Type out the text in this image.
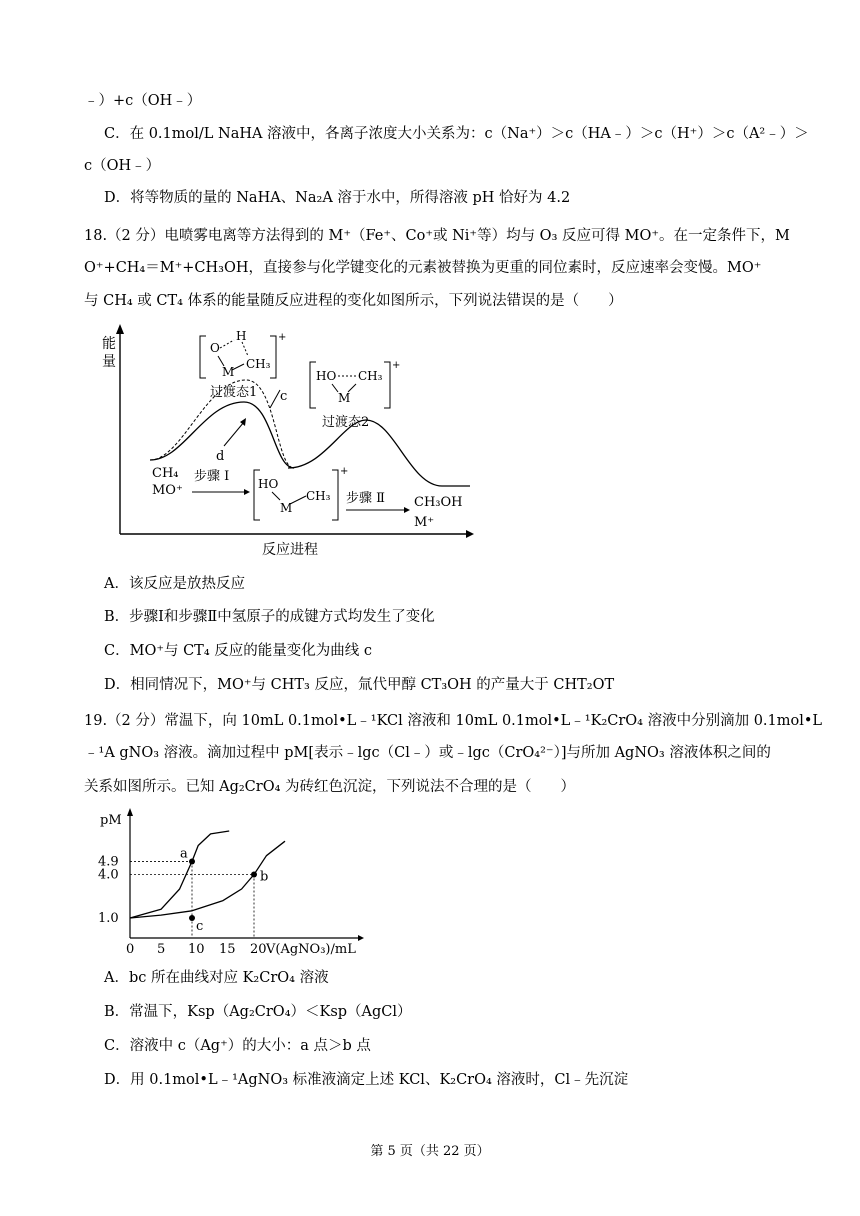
﹣）+c（OH﹣）
C．在 0.1mol/L NaHA 溶液中，各离子浓度大小关系为：c（Na⁺）＞c（HA﹣）＞c（H⁺）＞c（A²﹣）＞
c（OH﹣）
D．将等物质的量的 NaHA、Na₂A 溶于水中，所得溶液 pH 恰好为 4.2
18.（2 分）电喷雾电离等方法得到的 M⁺（Fe⁺、Co⁺或 Ni⁺等）均与 O₃ 反应可得 MO⁺。在一定条件下，M
O⁺+CH₄＝M⁺+CH₃OH，直接参与化学键变化的元素被替换为更重的同位素时，反应速率会变慢。MO⁺
与 CH₄ 或 CT₄ 体系的能量随反应进程的变化如图所示，下列说法错误的是（　　）
能
量
反应进程
c
d
CH₄
MO⁺
步骤 Ⅰ HO
M
CH₃
+
步骤 Ⅱ CH₃OH
M⁺
H
O
M
CH₃
+
过渡态1
HO CH₃
M
+
过渡态2
A．该反应是放热反应
B．步骤Ⅰ和步骤Ⅱ中氢原子的成键方式均发生了变化
C．MO⁺与 CT₄ 反应的能量变化为曲线 c
D．相同情况下，MO⁺与 CHT₃ 反应，氚代甲醇 CT₃OH 的产量大于 CHT₂OT
19.（2 分）常温下，向 10mL 0.1mol•L﹣¹KCl 溶液和 10mL 0.1mol•L﹣¹K₂CrO₄ 溶液中分别滴加 0.1mol•L
﹣¹A gNO₃ 溶液。滴加过程中 pM[表示﹣lgc（Cl﹣）或﹣lgc（CrO₄²⁻）]与所加 AgNO₃ 溶液体积之间的
关系如图所示。已知 Ag₂CrO₄ 为砖红色沉淀，下列说法不合理的是（　　）
pM
V(AgNO₃)/mL
0 5 10 15 20
1.0
4.0
4.9
a
b
c
A．bc 所在曲线对应 K₂CrO₄ 溶液
B．常温下，Ksp（Ag₂CrO₄）＜Ksp（AgCl）
C．溶液中 c（Ag⁺）的大小：a 点＞b 点
D．用 0.1mol•L﹣¹AgNO₃ 标准液滴定上述 KCl、K₂CrO₄ 溶液时，Cl﹣先沉淀
第 5 页（共 22 页）
